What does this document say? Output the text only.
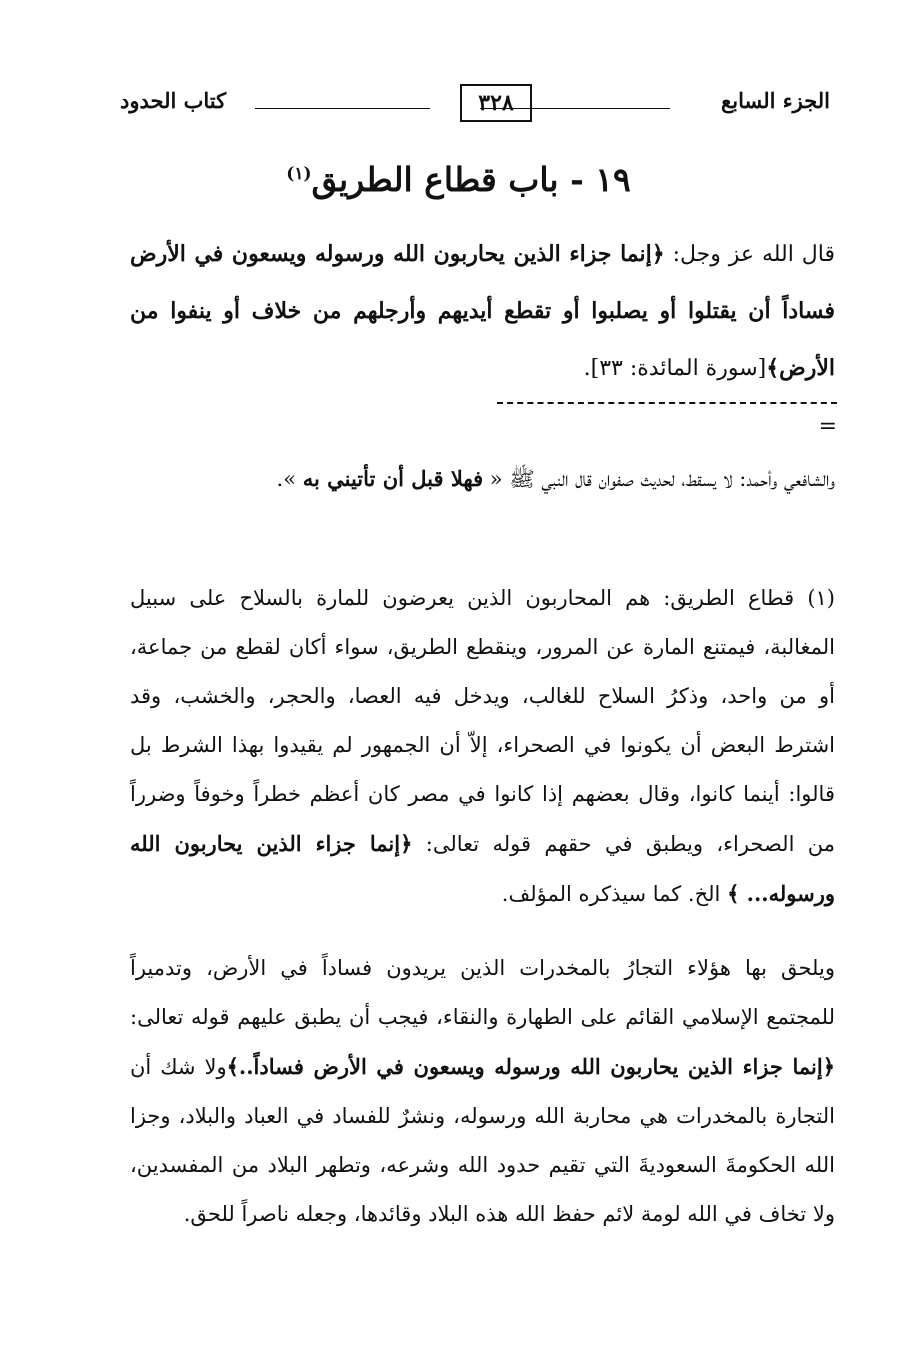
الجزء السابع
٣٢٨
كتاب الحدود
١٩ - باب قطاع الطريق$^{(١)}$
قال الله عز وجل: ﴿إنما جزاء الذين يحاربون الله ورسوله ويسعون في الأرض فساداً أن يقتلوا أو يصلبوا أو تقطع أيديهم وأرجلهم من خلاف أو ينفوا من الأرض﴾[سورة المائدة: ٣٣].
=
والشافعي وأحمد: لا يسقط، لحديث صفوان قال النبي ﷺ « فهلا قبل أن تأتيني به ».
(١) قطاع الطريق: هم المحاربون الذين يعرضون للمارة بالسلاح على سبيل المغالبة، فيمتنع المارة عن المرور، وينقطع الطريق، سواء أكان لقطع من جماعة، أو من واحد، وذكرُ السلاح للغالب، ويدخل فيه العصا، والحجر، والخشب، وقد اشترط البعض أن يكونوا في الصحراء، إلاّ أن الجمهور لم يقيدوا بهذا الشرط بل قالوا: أينما كانوا، وقال بعضهم إذا كانوا في مصر كان أعظم خطراً وخوفاً وضرراً من الصحراء، ويطبق في حقهم قوله تعالى: ﴿إنما جزاء الذين يحاربون الله ورسوله... ﴾ الخ. كما سيذكره المؤلف.
ويلحق بها هؤلاء التجارُ بالمخدرات الذين يريدون فساداً في الأرض، وتدميراً للمجتمع الإسلامي القائم على الطهارة والنقاء، فيجب أن يطبق عليهم قوله تعالى: ﴿إنما جزاء الذين يحاربون الله ورسوله ويسعون في الأرض فساداً..﴾ولا شك أن التجارة بالمخدرات هي محاربة الله ورسوله، ونشرٌ للفساد في العباد والبلاد، وجزا الله الحكومةَ السعوديةَ التي تقيم حدود الله وشرعه، وتطهر البلاد من المفسدين، ولا تخاف في الله لومة لائم حفظ الله هذه البلاد وقائدها، وجعله ناصراً للحق.
